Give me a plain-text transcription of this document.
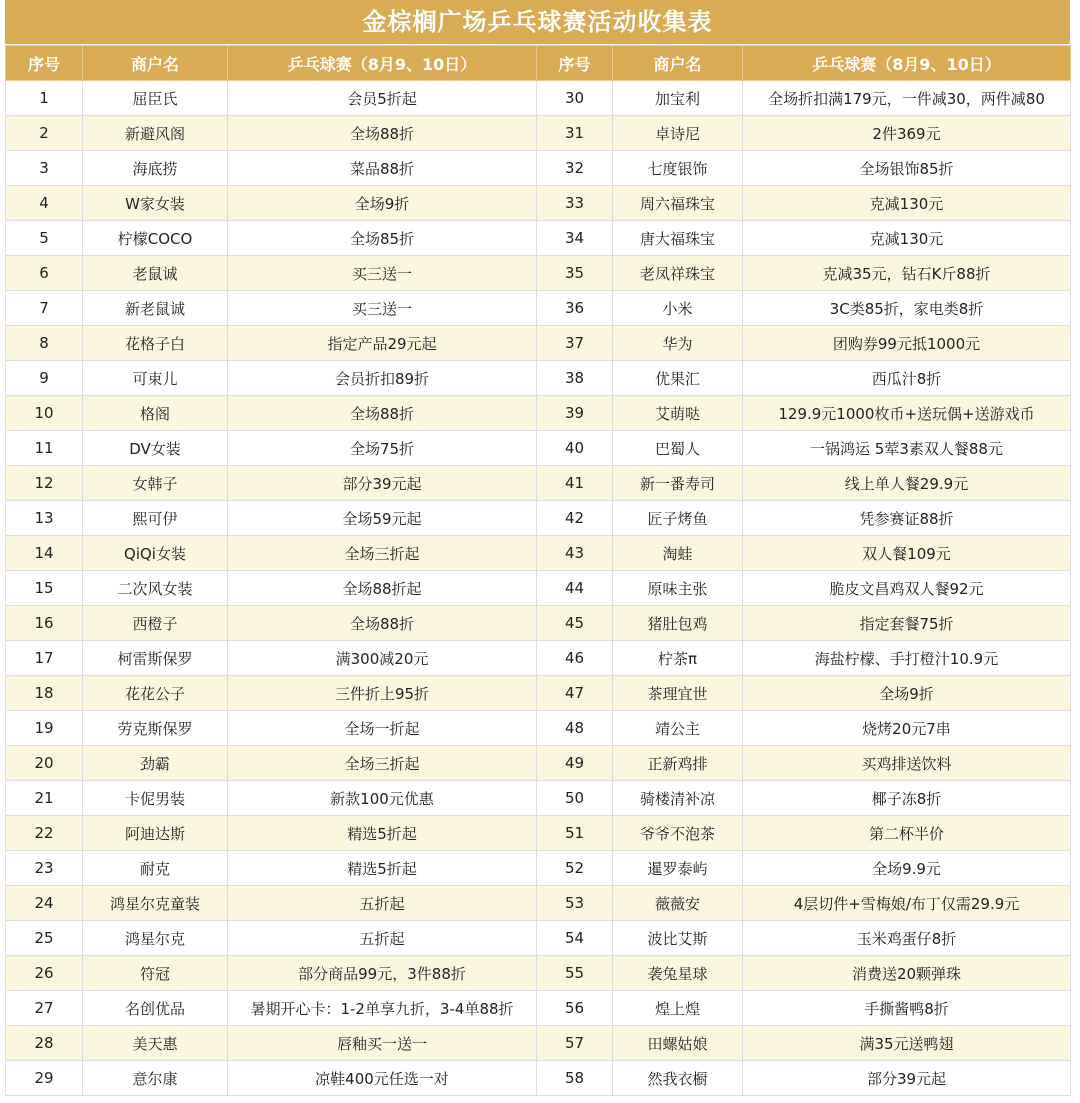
金棕榈广场乒乓球赛活动收集表
序号	商户名	乒乓球赛（8月9、10日）	序号	商户名	乒乓球赛（8月9、10日）
1	屈臣氏	会员5折起	30	加宝利	全场折扣满179元，一件减30，两件减80
2	新避风阁	全场88折	31	卓诗尼	2件369元
3	海底捞	菜品88折	32	七度银饰	全场银饰85折
4	W家女装	全场9折	33	周六福珠宝	克减130元
5	柠檬COCO	全场85折	34	唐大福珠宝	克减130元
6	老鼠诚	买三送一	35	老凤祥珠宝	克减35元，钻石K斤88折
7	新老鼠诚	买三送一	36	小米	3C类85折，家电类8折
8	花格子白	指定产品29元起	37	华为	团购券99元抵1000元
9	可束儿	会员折扣89折	38	优果汇	西瓜汁8折
10	格阁	全场88折	39	艾萌哒	129.9元1000枚币+送玩偶+送游戏币
11	DV女装	全场75折	40	巴蜀人	一锅鸿运 5荤3素双人餐88元
12	女韩子	部分39元起	41	新一番寿司	线上单人餐29.9元
13	熙可伊	全场59元起	42	匠子烤鱼	凭参赛证88折
14	QiQi女装	全场三折起	43	淘蛙	双人餐109元
15	二次风女装	全场88折起	44	原味主张	脆皮文昌鸡双人餐92元
16	西橙子	全场88折	45	猪肚包鸡	指定套餐75折
17	柯雷斯保罗	满300减20元	46	柠茶π	海盐柠檬、手打橙汁10.9元
18	花花公子	三件折上95折	47	茶理宜世	全场9折
19	劳克斯保罗	全场一折起	48	靖公主	烧烤20元7串
20	劲霸	全场三折起	49	正新鸡排	买鸡排送饮料
21	卡伲男装	新款100元优惠	50	骑楼清补凉	椰子冻8折
22	阿迪达斯	精选5折起	51	爷爷不泡茶	第二杯半价
23	耐克	精选5折起	52	暹罗泰屿	全场9.9元
24	鸿星尔克童装	五折起	53	薇薇安	4层切件+雪梅娘/布丁仅需29.9元
25	鸿星尔克	五折起	54	波比艾斯	玉米鸡蛋仔8折
26	符冠	部分商品99元，3件88折	55	袭兔星球	消费送20颗弹珠
27	名创优品	暑期开心卡：1-2单享九折，3-4单88折	56	煌上煌	手撕酱鸭8折
28	美天惠	唇釉买一送一	57	田螺姑娘	满35元送鸭翅
29	意尔康	凉鞋400元任选一对	58	然我衣橱	部分39元起
